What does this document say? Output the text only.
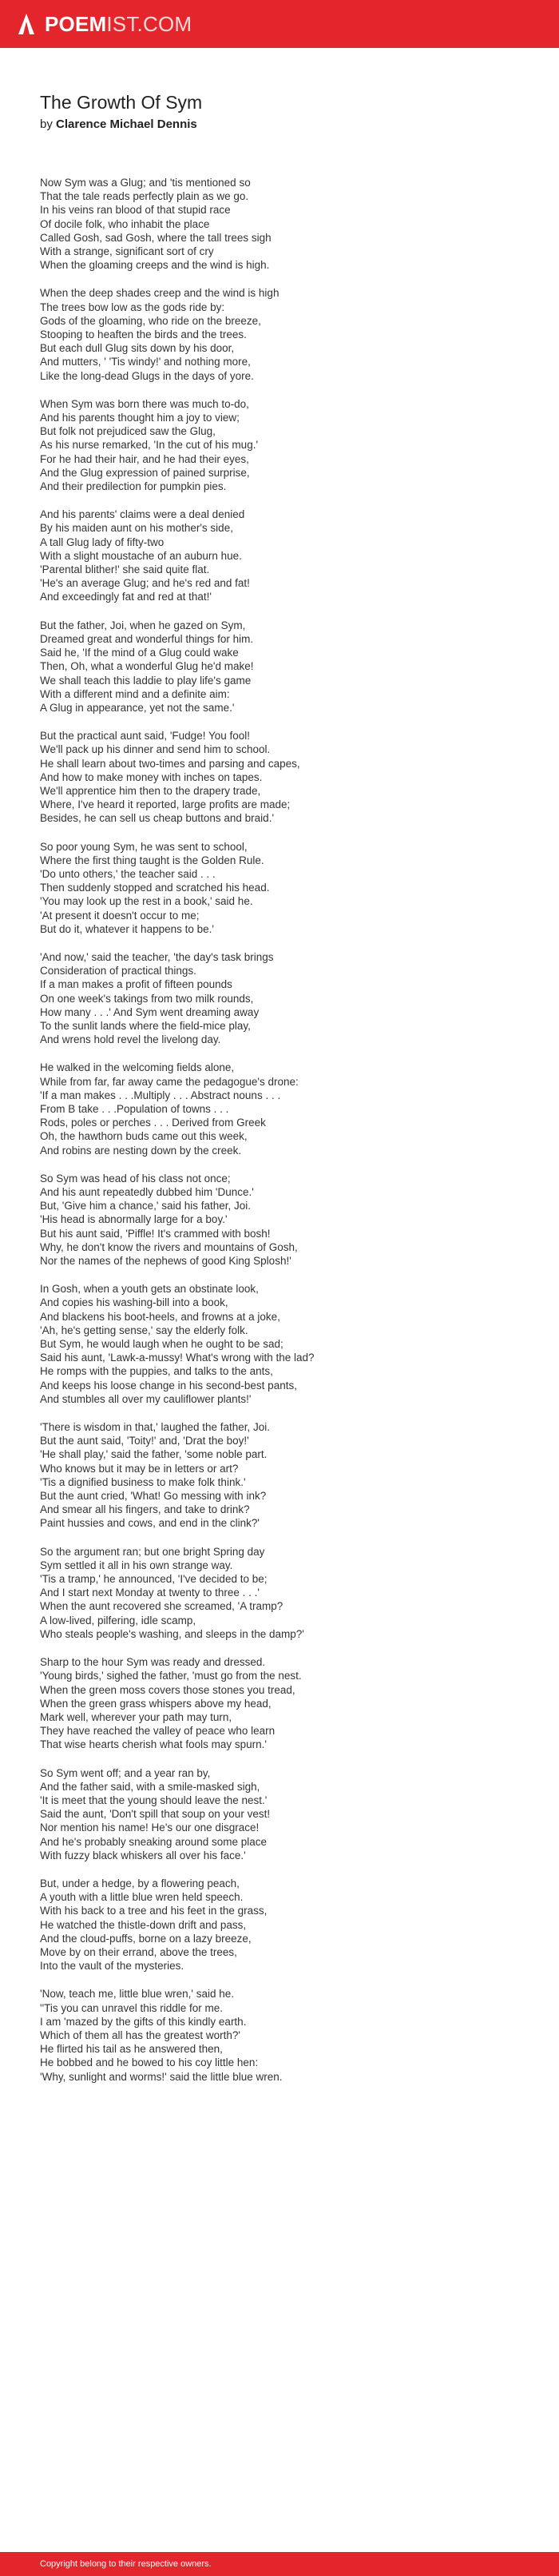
POEMIST.COM
The Growth Of Sym
by Clarence Michael Dennis
Now Sym was a Glug; and 'tis mentioned so
That the tale reads perfectly plain as we go.
In his veins ran blood of that stupid race
Of docile folk, who inhabit the place
Called Gosh, sad Gosh, where the tall trees sigh
With a strange, significant sort of cry
When the gloaming creeps and the wind is high.
When the deep shades creep and the wind is high
The trees bow low as the gods ride by:
Gods of the gloaming, who ride on the breeze,
Stooping to heaften the birds and the trees.
But each dull Glug sits down by his door,
And mutters, ' 'Tis windy!' and nothing more,
Like the long-dead Glugs in the days of yore.
When Sym was born there was much to-do,
And his parents thought him a joy to view;
But folk not prejudiced saw the Glug,
As his nurse remarked, 'In the cut of his mug.'
For he had their hair, and he had their eyes,
And the Glug expression of pained surprise,
And their predilection for pumpkin pies.
And his parents' claims were a deal denied
By his maiden aunt on his mother's side,
A tall Glug lady of fifty-two
With a slight moustache of an auburn hue.
'Parental blither!' she said quite flat.
'He's an average Glug; and he's red and fat!
And exceedingly fat and red at that!'
But the father, Joi, when he gazed on Sym,
Dreamed great and wonderful things for him.
Said he, 'If the mind of a Glug could wake
Then, Oh, what a wonderful Glug he'd make!
We shall teach this laddie to play life's game
With a different mind and a definite aim:
A Glug in appearance, yet not the same.'
But the practical aunt said, 'Fudge! You fool!
We'll pack up his dinner and send him to school.
He shall learn about two-times and parsing and capes,
And how to make money with inches on tapes.
We'll apprentice him then to the drapery trade,
Where, I've heard it reported, large profits are made;
Besides, he can sell us cheap buttons and braid.'
So poor young Sym, he was sent to school,
Where the first thing taught is the Golden Rule.
'Do unto others,' the teacher said . . .
Then suddenly stopped and scratched his head.
'You may look up the rest in a book,' said he.
'At present it doesn't occur to me;
But do it, whatever it happens to be.'
'And now,' said the teacher, 'the day's task brings
Consideration of practical things.
If a man makes a profit of fifteen pounds
On one week's takings from two milk rounds,
How many . . .' And Sym went dreaming away
To the sunlit lands where the field-mice play,
And wrens hold revel the livelong day.
He walked in the welcoming fields alone,
While from far, far away came the pedagogue's drone:
'If a man makes . . .Multiply . . . Abstract nouns . . .
From B take . . .Population of towns . . .
Rods, poles or perches . . . Derived from Greek
Oh, the hawthorn buds came out this week,
And robins are nesting down by the creek.
So Sym was head of his class not once;
And his aunt repeatedly dubbed him 'Dunce.'
But, 'Give him a chance,' said his father, Joi.
'His head is abnormally large for a boy.'
But his aunt said, 'Piffle! It's crammed with bosh!
Why, he don't know the rivers and mountains of Gosh,
Nor the names of the nephews of good King Splosh!'
In Gosh, when a youth gets an obstinate look,
And copies his washing-bill into a book,
And blackens his boot-heels, and frowns at a joke,
'Ah, he's getting sense,' say the elderly folk.
But Sym, he would laugh when he ought to be sad;
Said his aunt, 'Lawk-a-mussy! What's wrong with the lad?
He romps with the puppies, and talks to the ants,
And keeps his loose change in his second-best pants,
And stumbles all over my cauliflower plants!'
'There is wisdom in that,' laughed the father, Joi.
But the aunt said, 'Toity!' and, 'Drat the boy!'
'He shall play,' said the father, 'some noble part.
Who knows but it may be in letters or art?
'Tis a dignified business to make folk think.'
But the aunt cried, 'What! Go messing with ink?
And smear all his fingers, and take to drink?
Paint hussies and cows, and end in the clink?'
So the argument ran; but one bright Spring day
Sym settled it all in his own strange way.
'Tis a tramp,' he announced, 'I've decided to be;
And I start next Monday at twenty to three . . .'
When the aunt recovered she screamed, 'A tramp?
A low-lived, pilfering, idle scamp,
Who steals people's washing, and sleeps in the damp?'
Sharp to the hour Sym was ready and dressed.
'Young birds,' sighed the father, 'must go from the nest.
When the green moss covers those stones you tread,
When the green grass whispers above my head,
Mark well, wherever your path may turn,
They have reached the valley of peace who learn
That wise hearts cherish what fools may spurn.'
So Sym went off; and a year ran by,
And the father said, with a smile-masked sigh,
'It is meet that the young should leave the nest.'
Said the aunt, 'Don't spill that soup on your vest!
Nor mention his name! He's our one disgrace!
And he's probably sneaking around some place
With fuzzy black whiskers all over his face.'
But, under a hedge, by a flowering peach,
A youth with a little blue wren held speech.
With his back to a tree and his feet in the grass,
He watched the thistle-down drift and pass,
And the cloud-puffs, borne on a lazy breeze,
Move by on their errand, above the trees,
Into the vault of the mysteries.
'Now, teach me, little blue wren,' said he.
''Tis you can unravel this riddle for me.
I am 'mazed by the gifts of this kindly earth.
Which of them all has the greatest worth?'
He flirted his tail as he answered then,
He bobbed and he bowed to his coy little hen:
'Why, sunlight and worms!' said the little blue wren.
Copyright belong to their respective owners.
